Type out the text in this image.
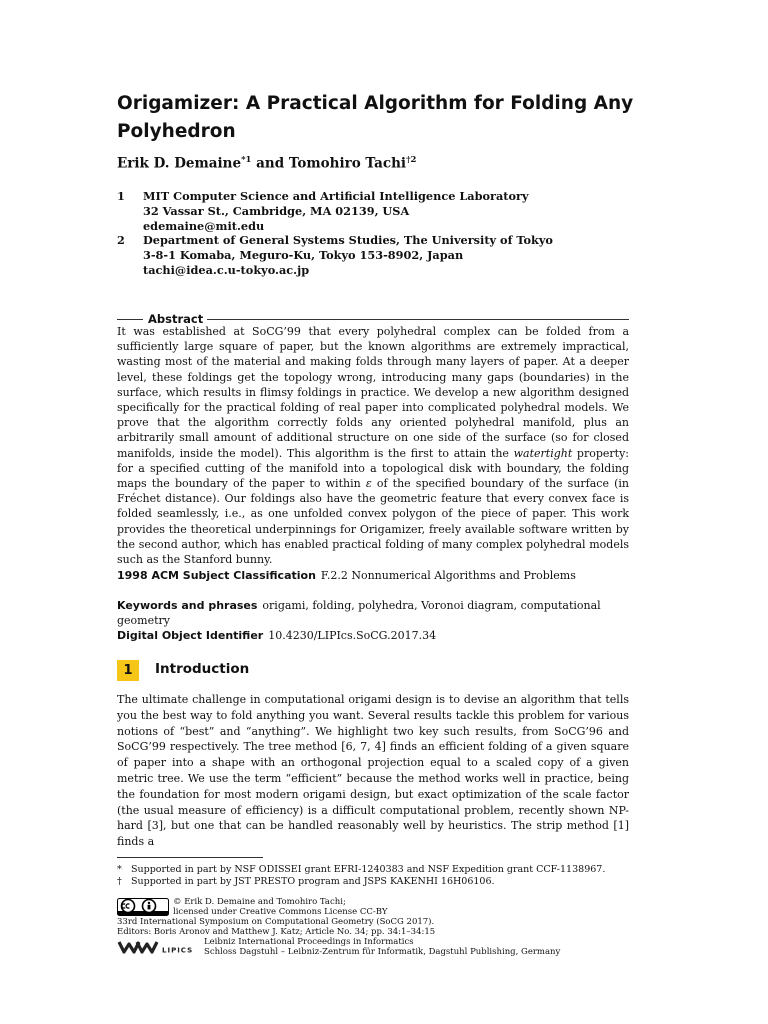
Origamizer: A Practical Algorithm for Folding Any Polyhedron
Erik D. Demaine$^{*1}$ and Tomohiro Tachi$^{\dagger 2}$
1 MIT Computer Science and Artificial Intelligence Laboratory
32 Vassar St., Cambridge, MA 02139, USA
edemaine@mit.edu
2 Department of General Systems Studies, The University of Tokyo
3-8-1 Komaba, Meguro-Ku, Tokyo 153-8902, Japan
tachi@idea.c.u-tokyo.ac.jp
Abstract

It was established at SoCG’99 that every polyhedral complex can be folded from a sufficiently large square of paper, but the known algorithms are extremely impractical, wasting most of the material and making folds through many layers of paper. At a deeper level, these foldings get the topology wrong, introducing many gaps (boundaries) in the surface, which results in flimsy foldings in practice. We develop a new algorithm designed specifically for the practical folding of real paper into complicated polyhedral models. We prove that the algorithm correctly folds any oriented polyhedral manifold, plus an arbitrarily small amount of additional structure on one side of the surface (so for closed manifolds, inside the model). This algorithm is the first to attain the watertight property: for a specified cutting of the manifold into a topological disk with boundary, the folding maps the boundary of the paper to within ε of the specified boundary of the surface (in Fréchet distance). Our foldings also have the geometric feature that every convex face is folded seamlessly, i.e., as one unfolded convex polygon of the piece of paper. This work provides the theoretical underpinnings for Origamizer, freely available software written by the second author, which has enabled practical folding of many complex polyhedral models such as the Stanford bunny.

1998 ACM Subject Classification F.2.2 Nonnumerical Algorithms and Problems
Keywords and phrases origami, folding, polyhedra, Voronoi diagram, computational geometry
Digital Object Identifier 10.4230/LIPIcs.SoCG.2017.34
1	Introduction

The ultimate challenge in computational origami design is to devise an algorithm that tells you the best way to fold anything you want. Several results tackle this problem for various notions of “best” and “anything”. We highlight two key such results, from SoCG’96 and SoCG’99 respectively. The tree method [6, 7, 4] finds an efficient folding of a given square of paper into a shape with an orthogonal projection equal to a scaled copy of a given metric tree. We use the term “efficient” because the method works well in practice, being the foundation for most modern origami design, but exact optimization of the scale factor (the usual measure of efficiency) is a difficult computational problem, recently shown NP-hard [3], but one that can be handled reasonably well by heuristics. The strip method [1] finds a

* Supported in part by NSF ODISSEI grant EFRI-1240383 and NSF Expedition grant CCF-1138967.
† Supported in part by JST PRESTO program and JSPS KAKENHI 16H06106.
LIPICS
© Erik D. Demaine and Tomohiro Tachi;
licensed under Creative Commons License CC-BY
33rd International Symposium on Computational Geometry (SoCG 2017).
Editors: Boris Aronov and Matthew J. Katz; Article No. 34; pp. 34:1–34:15
Leibniz International Proceedings in Informatics
Schloss Dagstuhl – Leibniz-Zentrum für Informatik, Dagstuhl Publishing, Germany
